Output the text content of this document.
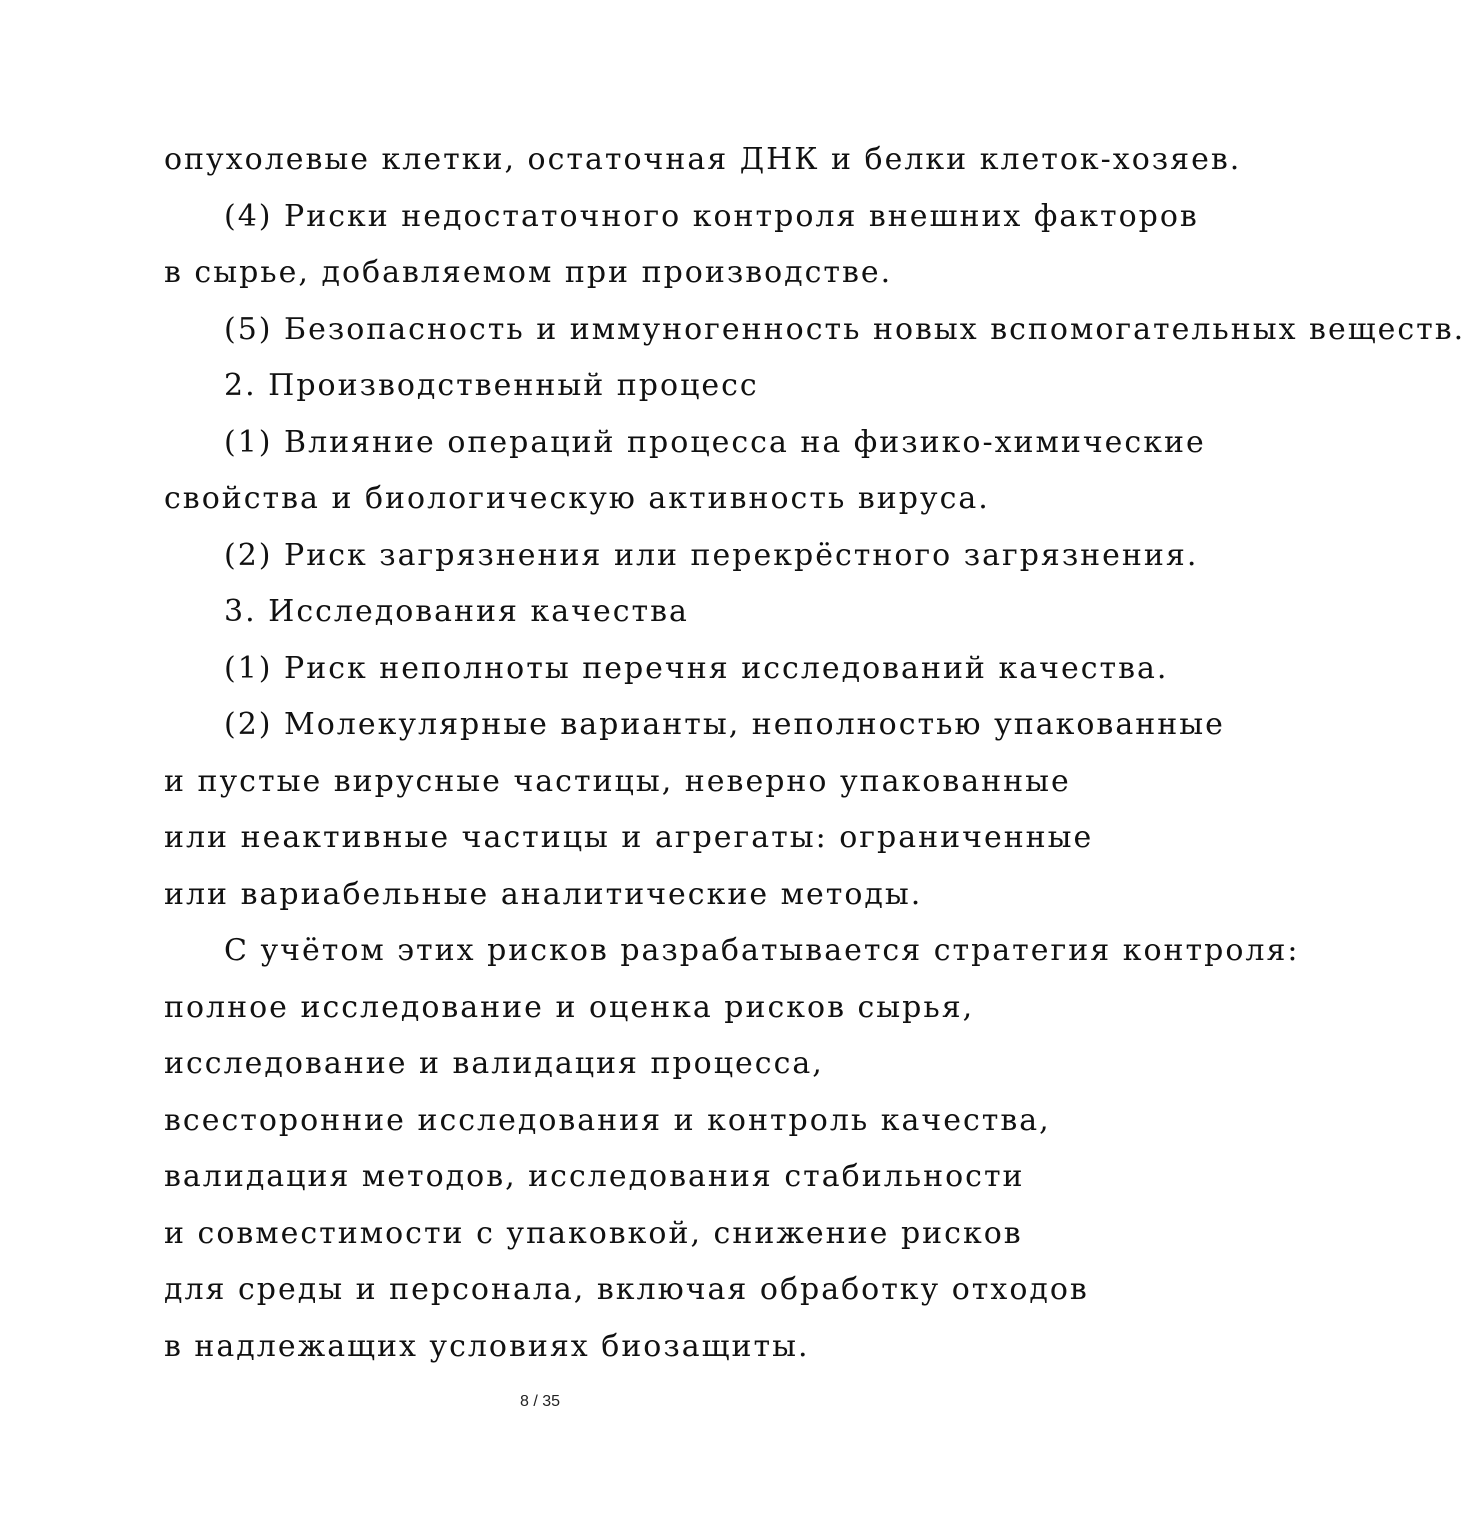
опухолевые клетки, остаточная ДНК и белки клеток-хозяев.
(4) Риски недостаточного контроля внешних факторов
в сырье, добавляемом при производстве.
(5) Безопасность и иммуногенность новых вспомогательных веществ.
2. Производственный процесс
(1) Влияние операций процесса на физико-химические
свойства и биологическую активность вируса.
(2) Риск загрязнения или перекрёстного загрязнения.
3. Исследования качества
(1) Риск неполноты перечня исследований качества.
(2) Молекулярные варианты, неполностью упакованные
и пустые вирусные частицы, неверно упакованные
или неактивные частицы и агрегаты: ограниченные
или вариабельные аналитические методы.
С учётом этих рисков разрабатывается стратегия контроля:
полное исследование и оценка рисков сырья,
исследование и валидация процесса,
всесторонние исследования и контроль качества,
валидация методов, исследования стабильности
и совместимости с упаковкой, снижение рисков
для среды и персонала, включая обработку отходов
в надлежащих условиях биозащиты.
8 / 35
